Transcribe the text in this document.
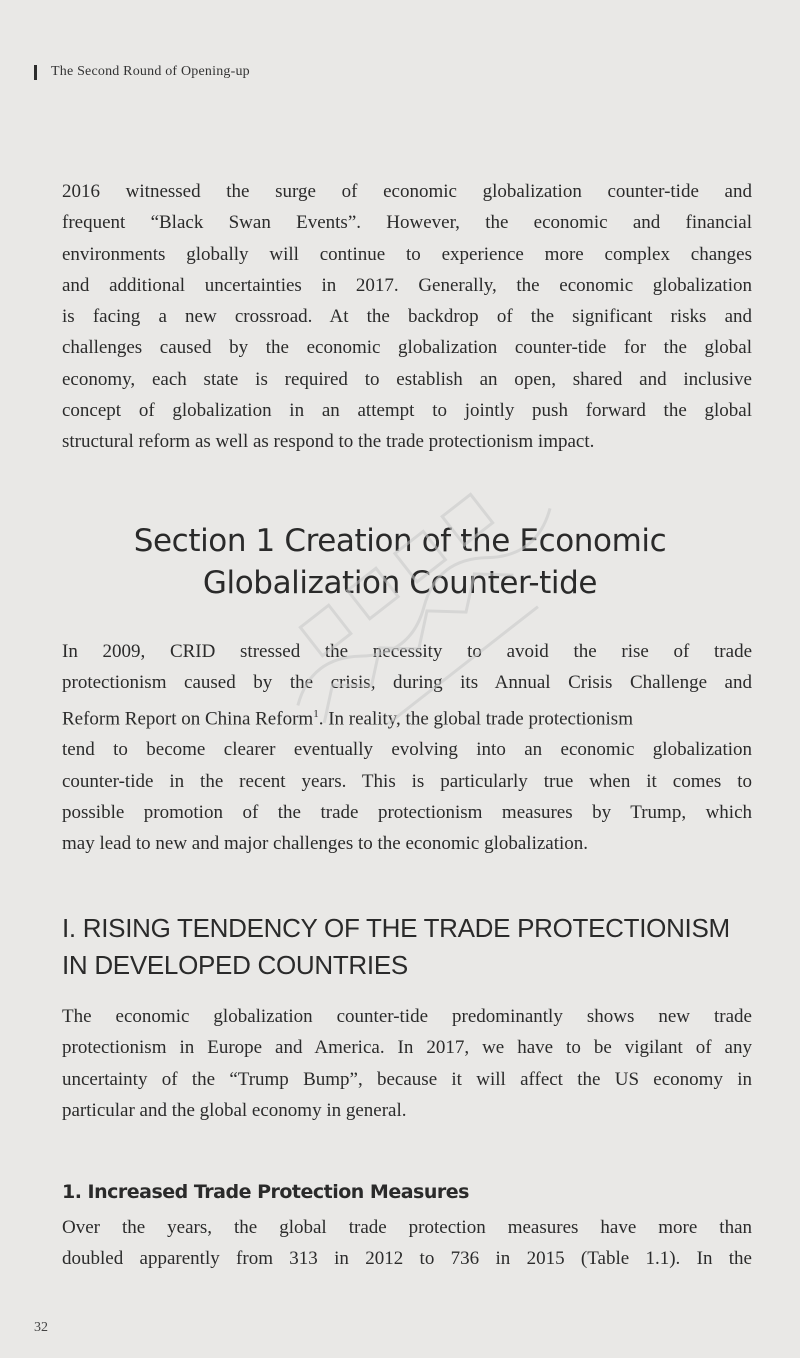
The Second Round of Opening-up

2016 witnessed the surge of economic globalization counter-tide and
frequent “Black Swan Events”. However, the economic and financial
environments globally will continue to experience more complex changes
and additional uncertainties in 2017. Generally, the economic globalization
is facing a new crossroad. At the backdrop of the significant risks and
challenges caused by the economic globalization counter-tide for the global
economy, each state is required to establish an open, shared and inclusive
concept of globalization in an attempt to jointly push forward the global
structural reform as well as respond to the trade protectionism impact.

Section 1 Creation of the Economic
Globalization Counter-tide

In 2009, CRID stressed the necessity to avoid the rise of trade
protectionism caused by the crisis, during its Annual Crisis Challenge and
Reform Report on China Reform$^1$. In reality, the global trade protectionism
tend to become clearer eventually evolving into an economic globalization
counter-tide in the recent years. This is particularly true when it comes to
possible promotion of the trade protectionism measures by Trump, which
may lead to new and major challenges to the economic globalization.

I. RISING TENDENCY OF THE TRADE PROTECTIONISM
IN DEVELOPED COUNTRIES

The economic globalization counter-tide predominantly shows new trade
protectionism in Europe and America. In 2017, we have to be vigilant of any
uncertainty of the “Trump Bump”, because it will affect the US economy in
particular and the global economy in general.

1. Increased Trade Protection Measures

Over the years, the global trade protection measures have more than
doubled apparently from 313 in 2012 to 736 in 2015 (Table 1.1). In the

32
